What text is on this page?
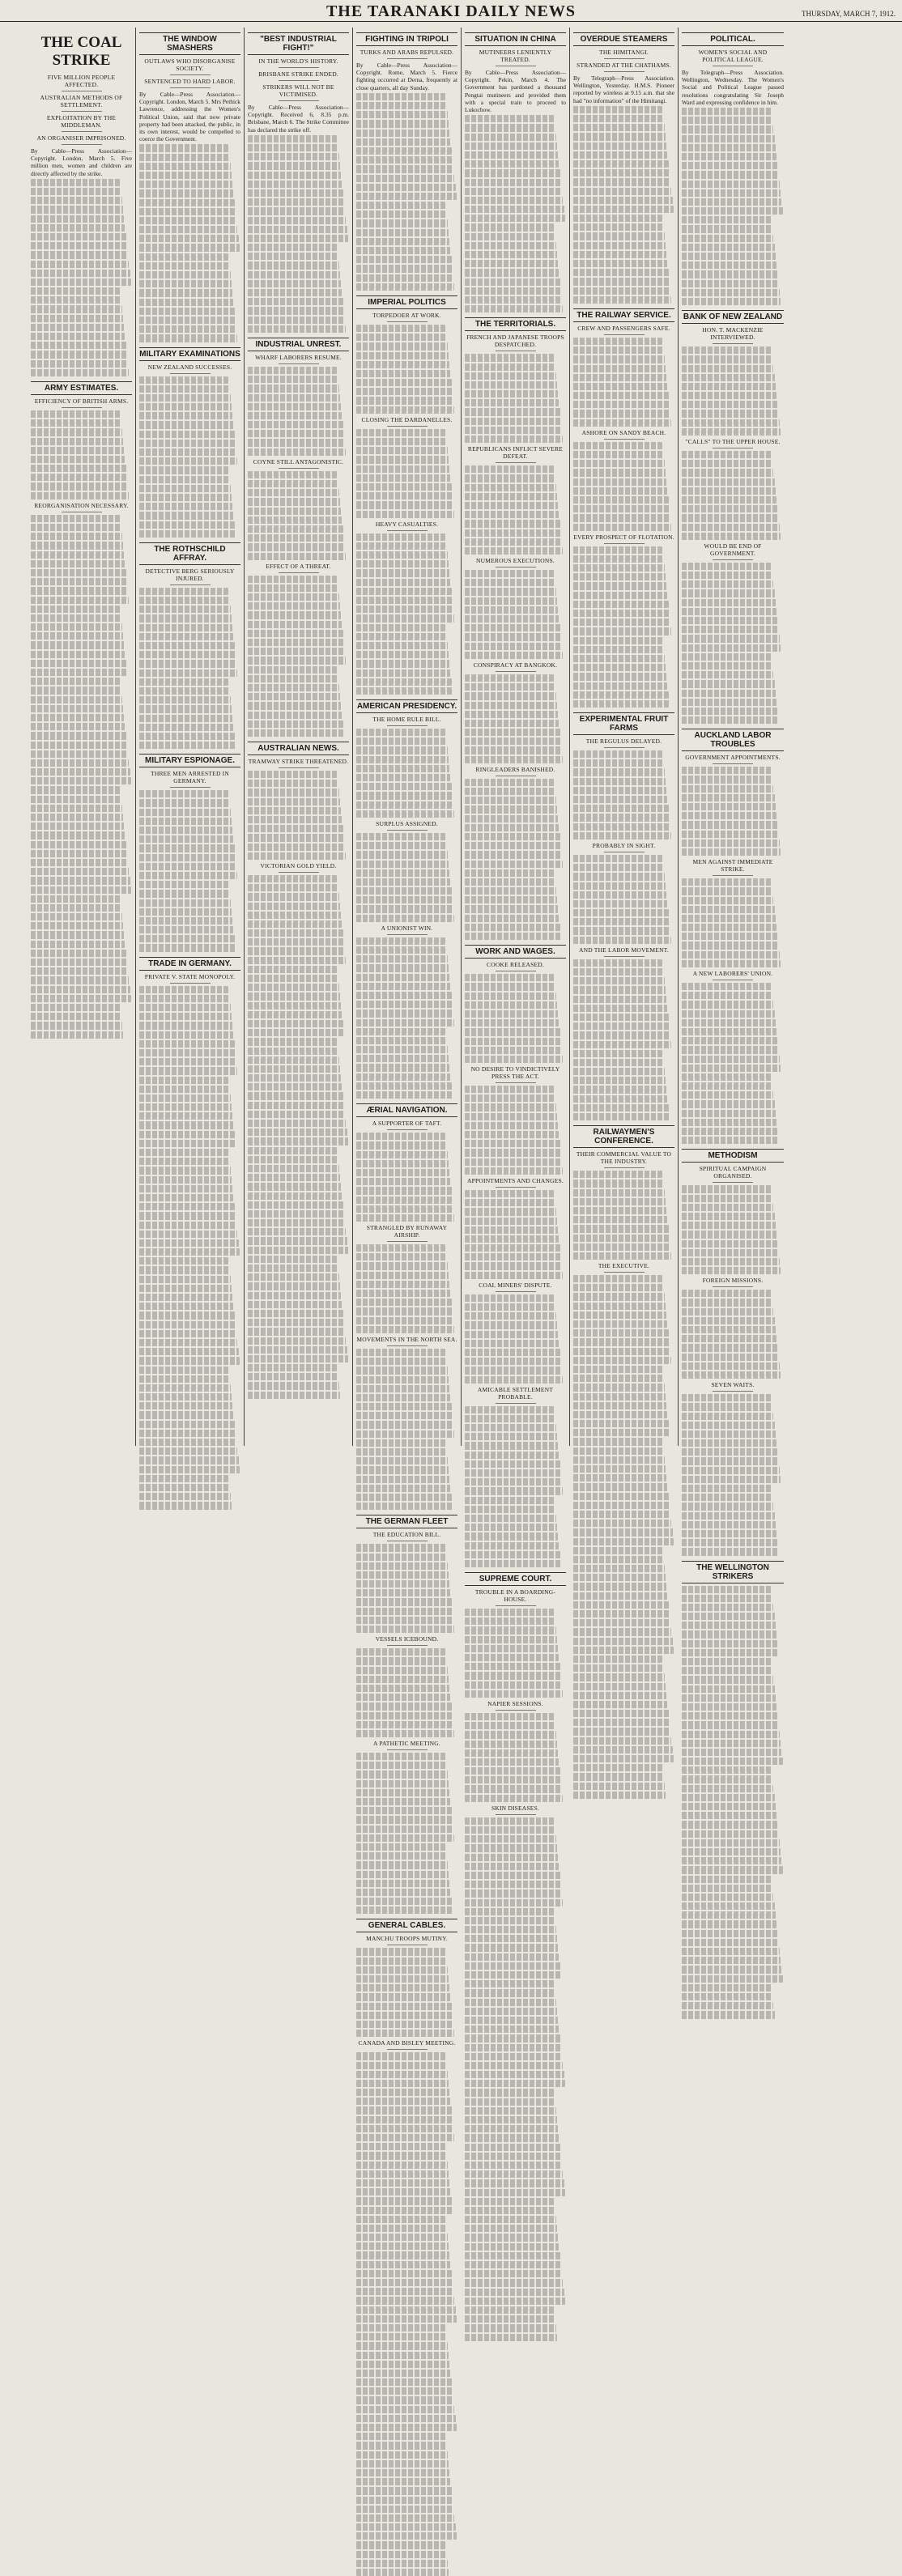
THE TARANAKI DAILY NEWS	THURSDAY, MARCH 7, 1912.
THE COAL STRIKE
FIVE MILLION PEOPLE AFFECTED.
AUSTRALIAN METHODS OF SETTLEMENT.
EXPLOITATION BY THE MIDDLEMAN.
AN ORGANISER IMPRISONED.

By Cable—Press Association—Copyright. London, March 5. Five million men, women and children are directly affected by the strike.

ARMY ESTIMATES.
EFFICIENCY OF BRITISH ARMS.
REORGANISATION NECESSARY.
THE WINDOW SMASHERS
OUTLAWS WHO DISORGANISE SOCIETY.
SENTENCED TO HARD LABOR.

By Cable—Press Association—Copyright. London, March 5. Mrs Pethick Lawrence, addressing the Women's Political Union, said that now private property had been attacked, the public, in its own interest, would be compelled to coerce the Government.

MILITARY EXAMINATIONS
NEW ZEALAND SUCCESSES.
THE ROTHSCHILD AFFRAY.
DETECTIVE BERG SERIOUSLY INJURED.
MILITARY ESPIONAGE.
THREE MEN ARRESTED IN GERMANY.
TRADE IN GERMANY.
PRIVATE V. STATE MONOPOLY.
"BEST INDUSTRIAL FIGHT!"
IN THE WORLD'S HISTORY.
BRISBANE STRIKE ENDED.
STRIKERS WILL NOT BE VICTIMISED.

By Cable—Press Association—Copyright. Received 6, 8.35 p.m. Brisbane, March 6. The Strike Committee has declared the strike off.

INDUSTRIAL UNREST.
WHARF LABORERS RESUME.
COYNE STILL ANTAGONISTIC.
EFFECT OF A THREAT.
AUSTRALIAN NEWS.
TRAMWAY STRIKE THREATENED.
VICTORIAN GOLD YIELD.
FIGHTING IN TRIPOLI
TURKS AND ARABS REPULSED.

By Cable—Press Association—Copyright. Rome, March 5. Fierce fighting occurred at Derna, frequently at close quarters, all day Sunday.

IMPERIAL POLITICS
TORPEDOER AT WORK.
CLOSING THE DARDANELLES.
HEAVY CASUALTIES.
AMERICAN PRESIDENCY.
THE HOME RULE BILL.
SURPLUS ASSIGNED.
A UNIONIST WIN.
ÆRIAL NAVIGATION.
A SUPPORTER OF TAFT.
STRANGLED BY RUNAWAY AIRSHIP.
MOVEMENTS IN THE NORTH SEA.
THE GERMAN FLEET
THE EDUCATION BILL.
VESSELS ICEBOUND.
A PATHETIC MEETING.
GENERAL CABLES.
MANCHU TROOPS MUTINY.
CANADA AND BISLEY MEETING.
SITUATION IN CHINA
MUTINEERS LENIENTLY TREATED.

By Cable—Press Association—Copyright. Pekin, March 4. The Government has pardoned a thousand Pengtai mutineers and provided them with a special train to proceed to Lukochow.

THE TERRITORIALS.
FRENCH AND JAPANESE TROOPS DESPATCHED.
REPUBLICANS INFLICT SEVERE DEFEAT.
NUMEROUS EXECUTIONS.
CONSPIRACY AT BANGKOK.
RINGLEADERS BANISHED.
WORK AND WAGES.
COOKE RELEASED.
NO DESIRE TO VINDICTIVELY PRESS THE ACT.
APPOINTMENTS AND CHANGES.
COAL MINERS' DISPUTE.
AMICABLE SETTLEMENT PROBABLE.
SUPREME COURT.
TROUBLE IN A BOARDING-HOUSE.
NAPIER SESSIONS.
SKIN DISEASES.
OVERDUE STEAMERS
THE HIMITANGI.
STRANDED AT THE CHATHAMS.

By Telegraph—Press Association. Wellington, Yesterday. H.M.S. Pioneer reported by wireless at 9.15 a.m. that she had "no information" of the Himitangi.

THE RAILWAY SERVICE.
CREW AND PASSENGERS SAFE.
ASHORE ON SANDY BEACH.
EVERY PROSPECT OF FLOTATION.
EXPERIMENTAL FRUIT FARMS
THE REGULUS DELAYED.
PROBABLY IN SIGHT.
AND THE LABOR MOVEMENT.
RAILWAYMEN'S CONFERENCE.
THEIR COMMERCIAL VALUE TO THE INDUSTRY.
THE EXECUTIVE.
POLITICAL.
WOMEN'S SOCIAL AND POLITICAL LEAGUE.

By Telegraph—Press Association. Wellington, Wednesday. The Women's Social and Political League passed resolutions congratulating Sir Joseph Ward and expressing confidence in him.

BANK OF NEW ZEALAND
HON. T. MACKENZIE INTERVIEWED.
"CALLS" TO THE UPPER HOUSE.
WOULD BE END OF GOVERNMENT.
AUCKLAND LABOR TROUBLES
GOVERNMENT APPOINTMENTS.
MEN AGAINST IMMEDIATE STRIKE.
A NEW LABORERS' UNION.
METHODISM
SPIRITUAL CAMPAIGN ORGANISED.
FOREIGN MISSIONS.
SEVEN WAITS.
THE WELLINGTON STRIKERS
